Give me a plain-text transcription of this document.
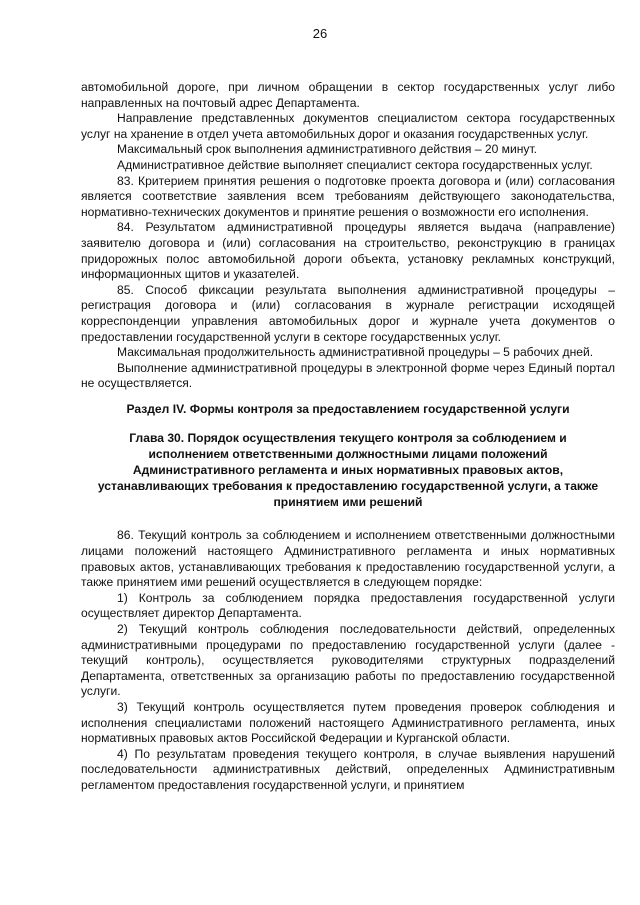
26

автомобильной дороге, при личном обращении в сектор государственных услуг либо направленных на почтовый адрес Департамента.

Направление представленных документов специалистом сектора государственных услуг на хранение в отдел учета автомобильных дорог и оказания государственных услуг.

Максимальный срок выполнения административного действия – 20 минут.

Административное действие выполняет специалист сектора государственных услуг.

83. Критерием принятия решения о подготовке проекта договора и (или) согласования является соответствие заявления всем требованиям действующего законодательства, нормативно-технических документов и принятие решения о возможности его исполнения.

84. Результатом административной процедуры является выдача (направление) заявителю договора и (или) согласования на строительство, реконструкцию в границах придорожных полос автомобильной дороги объекта, установку рекламных конструкций, информационных щитов и указателей.

85. Способ фиксации результата выполнения административной процедуры – регистрация договора и (или) согласования в журнале регистрации исходящей корреспонденции управления автомобильных дорог и журнале учета документов о предоставлении государственной услуги в секторе государственных услуг.

Максимальная продолжительность административной процедуры – 5 рабочих дней.

Выполнение административной процедуры в электронной форме через Единый портал не осуществляется.

Раздел IV. Формы контроля за предоставлением государственной услуги

Глава 30. Порядок осуществления текущего контроля за соблюдением и исполнением ответственными должностными лицами положений Административного регламента и иных нормативных правовых актов, устанавливающих требования к предоставлению государственной услуги, а также принятием ими решений

86. Текущий контроль за соблюдением и исполнением ответственными должностными лицами положений настоящего Административного регламента и иных нормативных правовых актов, устанавливающих требования к предоставлению государственной услуги, а также принятием ими решений осуществляется в следующем порядке:

1) Контроль за соблюдением порядка предоставления государственной услуги осуществляет директор Департамента.

2) Текущий контроль соблюдения последовательности действий, определенных административными процедурами по предоставлению государственной услуги (далее - текущий контроль), осуществляется руководителями структурных подразделений Департамента, ответственных за организацию работы по предоставлению государственной услуги.

3) Текущий контроль осуществляется путем проведения проверок соблюдения и исполнения специалистами положений настоящего Административного регламента, иных нормативных правовых актов Российской Федерации и Курганской области.

4) По результатам проведения текущего контроля, в случае выявления нарушений последовательности административных действий, определенных Административным регламентом предоставления государственной услуги, и принятием
